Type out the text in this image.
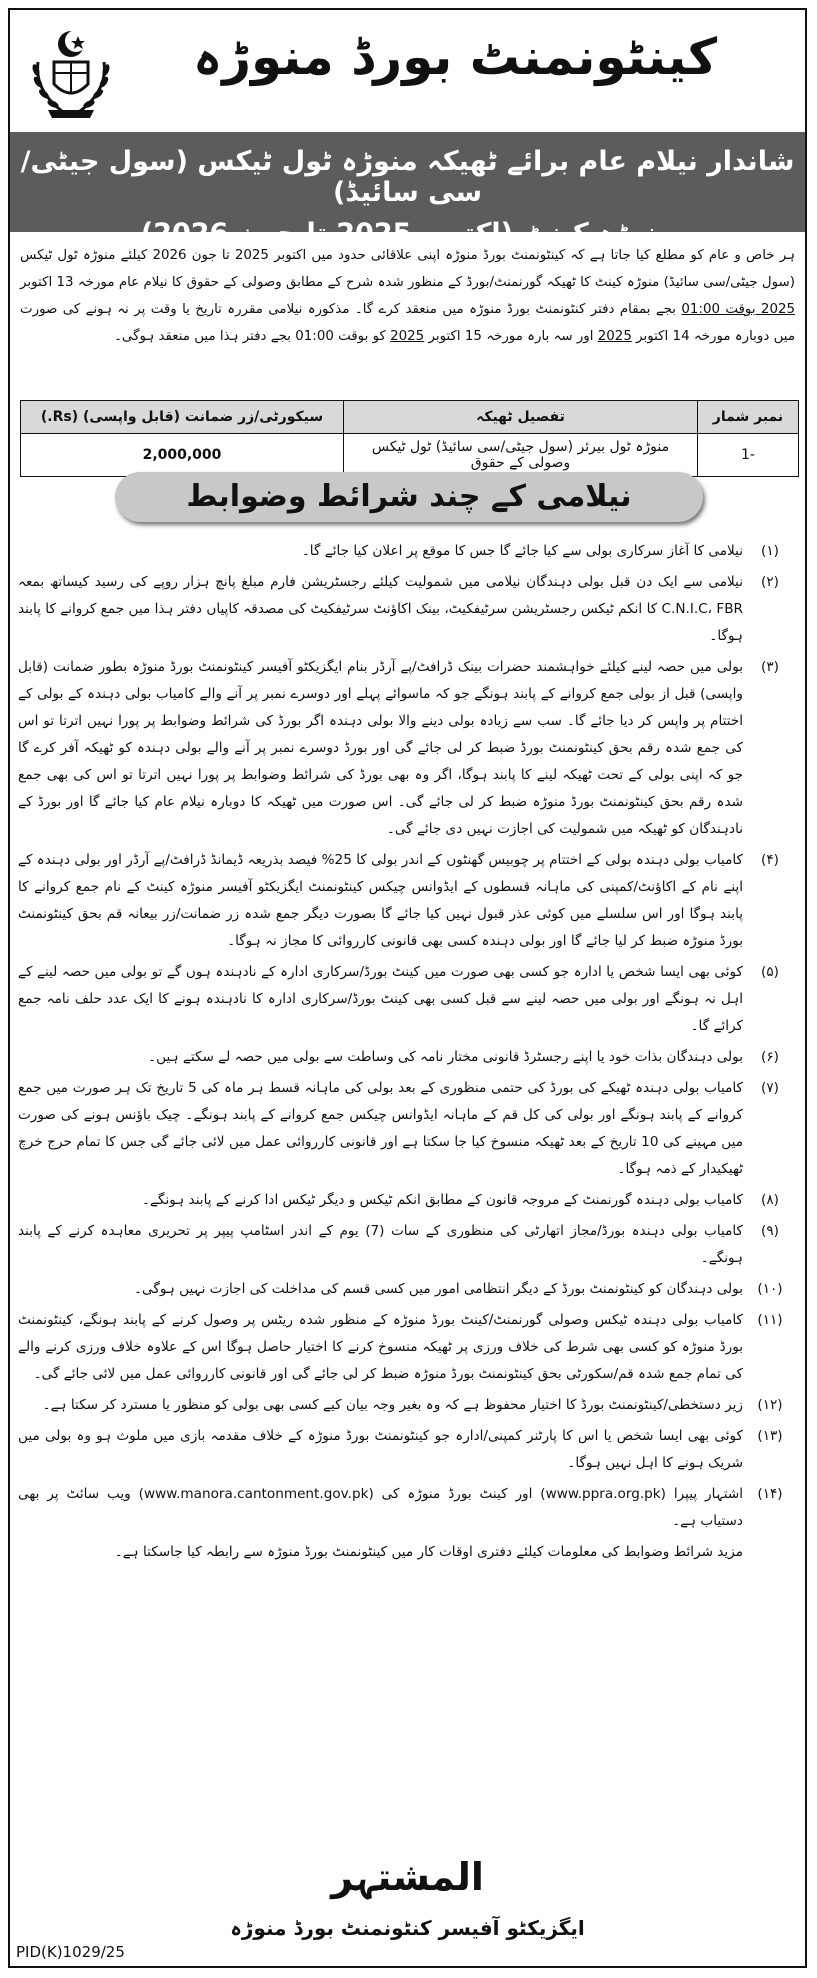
کینٹونمنٹ بورڈ منوڑہ
شاندار نیلام عام برائے ٹھیکہ منوڑہ ٹول ٹیکس (سول جیٹی/سی سائیڈ)
منوڑہ کینٹ (اکتوبر 2025 تا جون 2026)
ہر خاص و عام کو مطلع کیا جاتا ہے کہ کینٹونمنٹ بورڈ منوڑہ اپنی علاقائی حدود میں اکتوبر 2025 تا جون 2026 کیلئے منوڑہ ٹول ٹیکس (سول جیٹی/سی سائیڈ) منوڑہ کینٹ کا ٹھیکہ گورنمنٹ/بورڈ کے منظور شدہ شرح کے مطابق وصولی کے حقوق کا نیلام عام مورخہ 13 اکتوبر 2025 بوقت 01:00 بجے بمقام دفتر کنٹونمنٹ بورڈ منوڑہ میں منعقد کرے گا۔ مذکورہ نیلامی مقررہ تاریخ یا وقت پر نہ ہونے کی صورت میں دوبارہ مورخہ 14 اکتوبر 2025 اور سہ بارہ مورخہ 15 اکتوبر 2025 کو بوقت 01:00 بجے دفتر ہذا میں منعقد ہوگی۔
نمبر شمار	تفصیل ٹھیکہ	سیکورٹی/زر ضمانت (قابل واپسی) (Rs.)
-1	منوڑہ ٹول بیرئر (سول جیٹی/سی سائیڈ) ٹول ٹیکس وصولی کے حقوق	2,000,000
نیلامی کے چند شرائط وضوابط
(۱)
نیلامی کا آغاز سرکاری بولی سے کیا جائے گا جس کا موقع پر اعلان کیا جائے گا۔
(۲)
نیلامی سے ایک دن قبل بولی دہندگان نیلامی میں شمولیت کیلئے رجسٹریشن فارم مبلغ پانچ ہزار روپے کی رسید کیساتھ بمعہ C.N.I.C، FBR کا انکم ٹیکس رجسٹریشن سرٹیفکیٹ، بینک اکاؤنٹ سرٹیفکیٹ کی مصدقہ کاپیاں دفتر ہذا میں جمع کروانے کا پابند ہوگا۔
(۳)
بولی میں حصہ لینے کیلئے خواہشمند حضرات بینک ڈرافٹ/پے آرڈر بنام ایگزیکٹو آفیسر کینٹونمنٹ بورڈ منوڑہ بطور ضمانت (قابل واپسی) قبل از بولی جمع کروانے کے پابند ہونگے جو کہ ماسوائے پہلے اور دوسرے نمبر پر آنے والے کامیاب بولی دہندہ کے بولی کے اختتام پر واپس کر دیا جائے گا۔ سب سے زیادہ بولی دینے والا بولی دہندہ اگر بورڈ کی شرائط وضوابط پر پورا نہیں اترتا تو اس کی جمع شدہ رقم بحق کینٹونمنٹ بورڈ ضبط کر لی جائے گی اور بورڈ دوسرے نمبر پر آنے والے بولی دہندہ کو ٹھیکہ آفر کرے گا جو کہ اپنی بولی کے تحت ٹھیکہ لینے کا پابند ہوگا، اگر وہ بھی بورڈ کی شرائط وضوابط پر پورا نہیں اترتا تو اس کی بھی جمع شدہ رقم بحق کینٹونمنٹ بورڈ منوڑہ ضبط کر لی جائے گی۔ اس صورت میں ٹھیکہ کا دوبارہ نیلام عام کیا جائے گا اور بورڈ کے نادہندگان کو ٹھیکہ میں شمولیت کی اجازت نہیں دی جائے گی۔
(۴)
کامیاب بولی دہندہ بولی کے اختتام پر چوبیس گھنٹوں کے اندر بولی کا 25% فیصد بذریعہ ڈیمانڈ ڈرافٹ/پے آرڈر اور بولی دہندہ کے اپنے نام کے اکاؤنٹ/کمپنی کی ماہانہ قسطوں کے ایڈوانس چیکس کینٹونمنٹ ایگزیکٹو آفیسر منوڑہ کینٹ کے نام جمع کروانے کا پابند ہوگا اور اس سلسلے میں کوئی عذر قبول نہیں کیا جائے گا بصورت دیگر جمع شدہ زر ضمانت/زر بیعانہ قم بحق کینٹونمنٹ بورڈ منوڑہ ضبط کر لیا جائے گا اور بولی دہندہ کسی بھی قانونی کارروائی کا مجاز نہ ہوگا۔
(۵)
کوئی بھی ایسا شخص یا ادارہ جو کسی بھی صورت میں کینٹ بورڈ/سرکاری ادارہ کے نادہندہ ہوں گے تو بولی میں حصہ لینے کے اہل نہ ہونگے اور بولی میں حصہ لینے سے قبل کسی بھی کینٹ بورڈ/سرکاری ادارہ کا نادہندہ ہونے کا ایک عدد حلف نامہ جمع کرائے گا۔
(۶)
بولی دہندگان بذات خود یا اپنے رجسٹرڈ قانونی مختار نامہ کی وساطت سے بولی میں حصہ لے سکتے ہیں۔
(۷)
کامیاب بولی دہندہ ٹھیکے کی بورڈ کی حتمی منظوری کے بعد بولی کی ماہانہ قسط ہر ماہ کی 5 تاریخ تک ہر صورت میں جمع کروانے کے پابند ہونگے اور بولی کی کل قم کے ماہانہ ایڈوانس چیکس جمع کروانے کے پابند ہونگے۔ چیک باؤنس ہونے کی صورت میں مہینے کی 10 تاریخ کے بعد ٹھیکہ منسوخ کیا جا سکتا ہے اور قانونی کارروائی عمل میں لائی جائے گی جس کا تمام حرج خرچ ٹھیکیدار کے ذمہ ہوگا۔
(۸)
کامیاب بولی دہندہ گورنمنٹ کے مروجہ قانون کے مطابق انکم ٹیکس و دیگر ٹیکس ادا کرنے کے پابند ہونگے۔
(۹)
کامیاب بولی دہندہ بورڈ/مجاز اتھارٹی کی منظوری کے سات (7) یوم کے اندر اسٹامپ پیپر پر تحریری معاہدہ کرنے کے پابند ہونگے۔
(۱۰)
بولی دہندگان کو کینٹونمنٹ بورڈ کے دیگر انتظامی امور میں کسی قسم کی مداخلت کی اجازت نہیں ہوگی۔
(۱۱)
کامیاب بولی دہندہ ٹیکس وصولی گورنمنٹ/کینٹ بورڈ منوڑہ کے منظور شدہ ریٹس پر وصول کرنے کے پابند ہونگے، کینٹونمنٹ بورڈ منوڑہ کو کسی بھی شرط کی خلاف ورزی پر ٹھیکہ منسوخ کرنے کا اختیار حاصل ہوگا اس کے علاوہ خلاف ورزی کرنے والے کی تمام جمع شدہ قم/سکورٹی بحق کینٹونمنٹ بورڈ منوڑہ ضبط کر لی جائے گی اور قانونی کارروائی عمل میں لائی جائے گی۔
(۱۲)
زیر دستخطی/کینٹونمنٹ بورڈ کا اختیار محفوظ ہے کہ وہ بغیر وجہ بیان کیے کسی بھی بولی کو منظور یا مسترد کر سکتا ہے۔
(۱۳)
کوئی بھی ایسا شخص یا اس کا پارٹنر کمپنی/ادارہ جو کینٹونمنٹ بورڈ منوڑہ کے خلاف مقدمہ بازی میں ملوث ہو وہ بولی میں شریک ہونے کا اہل نہیں ہوگا۔
(۱۴)
اشتہار پیپرا (www.ppra.org.pk) اور کینٹ بورڈ منوڑہ کی (www.manora.cantonment.gov.pk) ویب سائٹ پر بھی دستیاب ہے۔
مزید شرائط وضوابط کی معلومات کیلئے دفتری اوقات کار میں کینٹونمنٹ بورڈ منوڑہ سے رابطہ کیا جاسکتا ہے۔
المشتہر
ایگزیکٹو آفیسر کنٹونمنٹ بورڈ منوڑہ
PID(K)1029/25
